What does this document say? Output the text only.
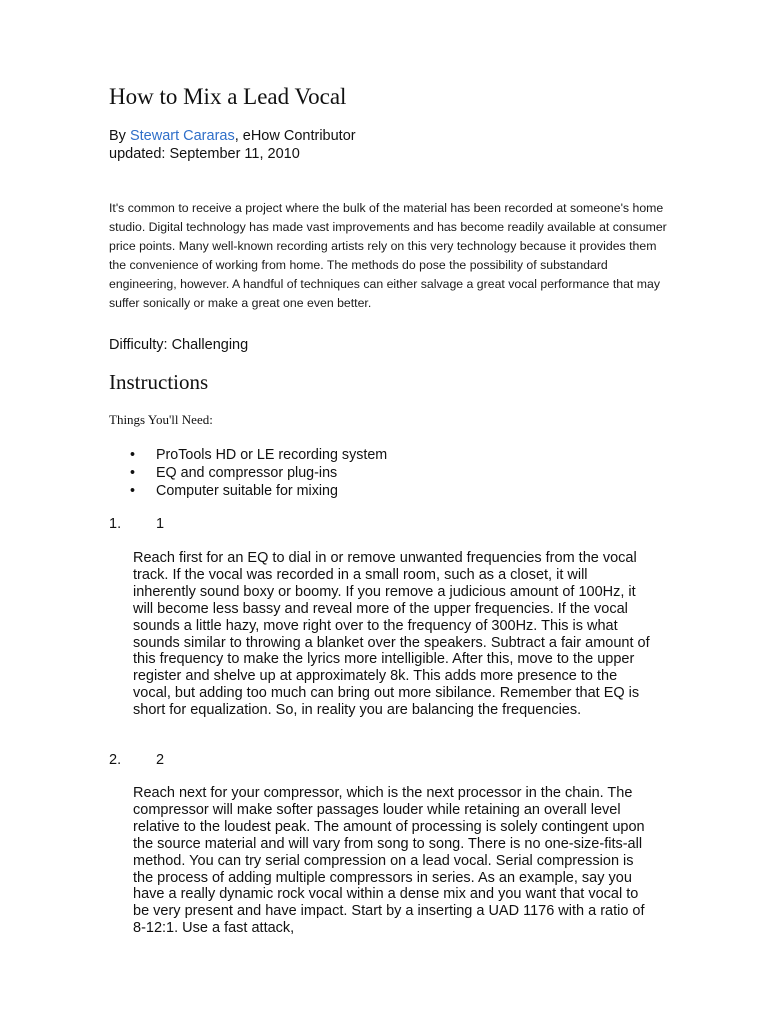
How to Mix a Lead Vocal
By Stewart Cararas, eHow Contributor
updated: September 11, 2010
It's common to receive a project where the bulk of the material has been recorded at someone's home studio. Digital technology has made vast improvements and has become readily available at consumer price points. Many well-known recording artists rely on this very technology because it provides them the convenience of working from home. The methods do pose the possibility of substandard engineering, however. A handful of techniques can either salvage a great vocal performance that may suffer sonically or make a great one even better.
Difficulty: Challenging
Instructions
Things You'll Need:
• ProTools HD or LE recording system
• EQ and compressor plug-ins
• Computer suitable for mixing
1. 1
Reach first for an EQ to dial in or remove unwanted frequencies from the vocal track. If the vocal was recorded in a small room, such as a closet, it will inherently sound boxy or boomy. If you remove a judicious amount of 100Hz, it will become less bassy and reveal more of the upper frequencies. If the vocal sounds a little hazy, move right over to the frequency of 300Hz. This is what sounds similar to throwing a blanket over the speakers. Subtract a fair amount of this frequency to make the lyrics more intelligible. After this, move to the upper register and shelve up at approximately 8k. This adds more presence to the vocal, but adding too much can bring out more sibilance. Remember that EQ is short for equalization. So, in reality you are balancing the frequencies.
2. 2
Reach next for your compressor, which is the next processor in the chain. The compressor will make softer passages louder while retaining an overall level relative to the loudest peak. The amount of processing is solely contingent upon the source material and will vary from song to song. There is no one-size-fits-all method. You can try serial compression on a lead vocal. Serial compression is the process of adding multiple compressors in series. As an example, say you have a really dynamic rock vocal within a dense mix and you want that vocal to be very present and have impact. Start by a inserting a UAD 1176 with a ratio of 8-12:1. Use a fast attack,
